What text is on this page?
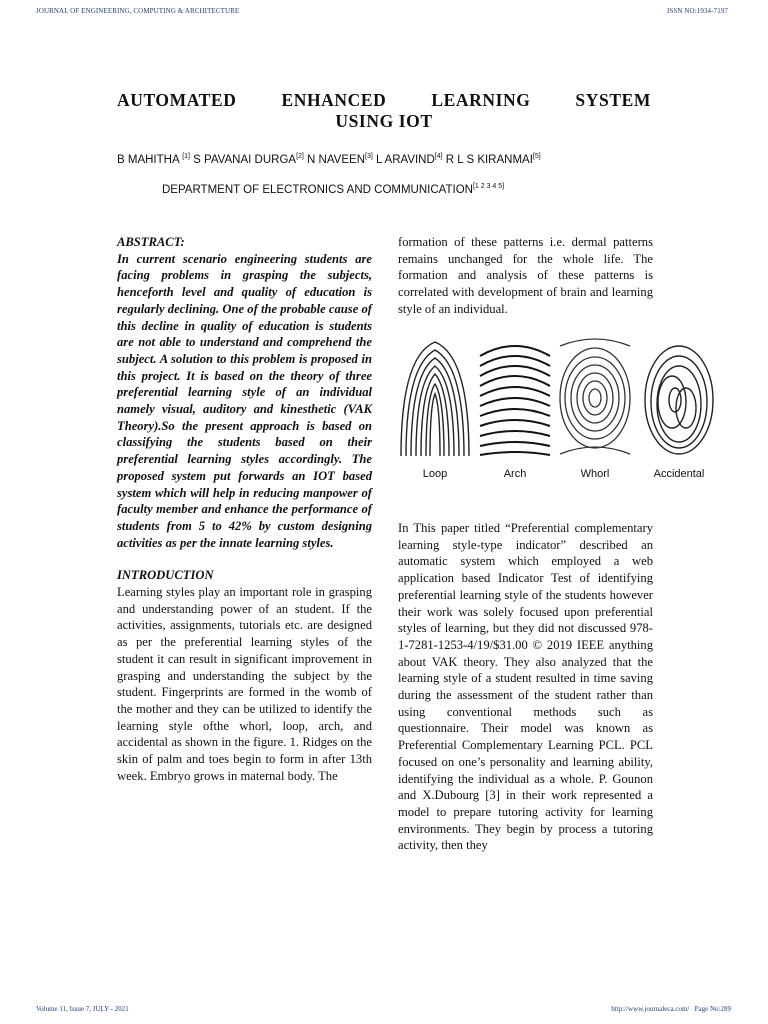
JOURNAL OF ENGINEERING, COMPUTING & ARCHITECTURE	ISSN NO:1934-7197
AUTOMATED	ENHANCED	LEARNING	SYSTEM
USING IOT
B MAHITHA [1] S PAVANAI DURGA[2] N NAVEEN[3] L ARAVIND[4] R L S KIRANMAI[5]
DEPARTMENT OF ELECTRONICS AND COMMUNICATION[1 2 3 4 5]

ABSTRACT:

In current scenario engineering students are facing problems in grasping the subjects, henceforth level and quality of education is regularly declining. One of the probable cause of this decline in quality of education is students are not able to understand and comprehend the subject. A solution to this problem is proposed in this project. It is based on the theory of three preferential learning style of an individual namely visual, auditory and kinesthetic (VAK Theory).So the present approach is based on classifying the students based on their preferential learning styles accordingly. The proposed system put forwards an IOT based system which will help in reducing manpower of faculty member and enhance the performance of students from 5 to 42% by custom designing activities as per the innate learning styles.

INTRODUCTION

Learning styles play an important role in grasping and understanding power of an student. If the activities, assignments, tutorials etc. are designed as per the preferential learning styles of the student it can result in significant improvement in grasping and understanding the subject by the student. Fingerprints are formed in the womb of the mother and they can be utilized to identify the learning style ofthe whorl, loop, arch, and accidental as shown in the figure. 1. Ridges on the skin of palm and toes begin to form in after 13th week. Embryo grows in maternal body. The

formation of these patterns i.e. dermal patterns remains unchanged for the whole life. The formation and analysis of these patterns is correlated with development of brain and learning style of an individual.

Loop	Arch	Whorl	Accidental

In This paper titled “Preferential complementary learning style-type indicator” described an automatic system which employed a web application based Indicator Test of identifying preferential learning style of the students however their work was solely focused upon preferential styles of learning, but they did not discussed 978-1-7281-1253-4/19/$31.00 © 2019 IEEE anything about VAK theory. They also analyzed that the learning style of a student resulted in time saving during the assessment of the student rather than using conventional methods such as questionnaire. Their model was known as Preferential Complementary Learning PCL. PCL focused on one’s personality and learning ability, identifying the individual as a whole. P. Gounon and X.Dubourg [3] in their work represented a model to prepare tutoring activity for learning environments. They begin by process a tutoring activity, then they

Volume 11, Issue 7, JULY - 2021	http://www.journaleca.com/ Page No:289
